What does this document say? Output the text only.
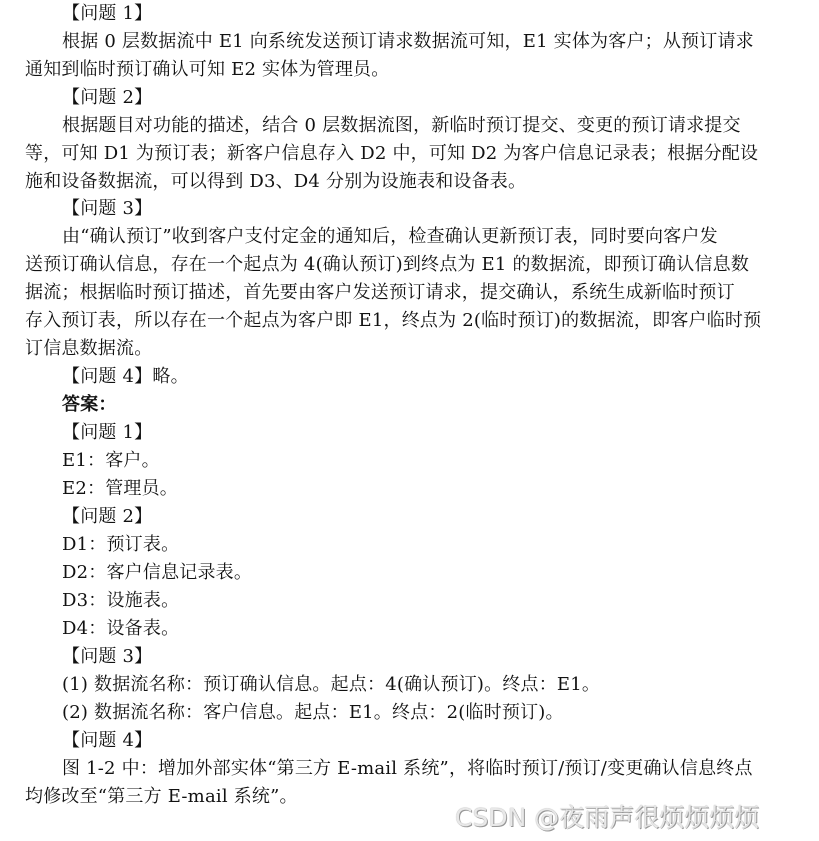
【问题 1】
根据 0 层数据流中 E1 向系统发送预订请求数据流可知，E1 实体为客户；从预订请求
通知到临时预订确认可知 E2 实体为管理员。
【问题 2】
根据题目对功能的描述，结合 0 层数据流图，新临时预订提交、变更的预订请求提交
等，可知 D1 为预订表；新客户信息存入 D2 中，可知 D2 为客户信息记录表；根据分配设
施和设备数据流，可以得到 D3、D4 分别为设施表和设备表。
【问题 3】
由“确认预订”收到客户支付定金的通知后，检查确认更新预订表，同时要向客户发
送预订确认信息，存在一个起点为 4(确认预订)到终点为 E1 的数据流，即预订确认信息数
据流；根据临时预订描述，首先要由客户发送预订请求，提交确认，系统生成新临时预订
存入预订表，所以存在一个起点为客户即 E1，终点为 2(临时预订)的数据流，即客户临时预
订信息数据流。
【问题 4】略。
答案：
【问题 1】
E1：客户。
E2：管理员。
【问题 2】
D1：预订表。
D2：客户信息记录表。
D3：设施表。
D4：设备表。
【问题 3】
(1) 数据流名称：预订确认信息。起点：4(确认预订)。终点：E1。
(2) 数据流名称：客户信息。起点：E1。终点：2(临时预订)。
【问题 4】
图 1-2 中：增加外部实体“第三方 E-mail 系统”，将临时预订/预订/变更确认信息终点
均修改至“第三方 E-mail 系统”。
CSDN @夜雨声很烦烦烦烦
